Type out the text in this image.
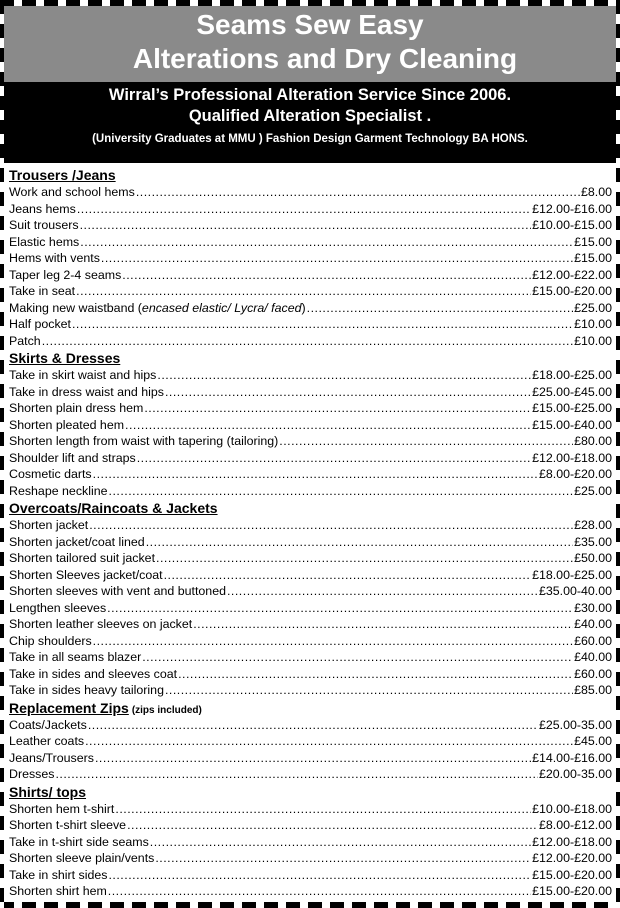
Seams Sew Easy
Alterations and Dry Cleaning
Wirral’s Professional Alteration Service Since 2006.
Qualified Alteration Specialist .
(University Graduates at MMU ) Fashion Design Garment Technology BA HONS.
Trousers /Jeans
Work and school hems .....	£8.00
Jeans hems .....	£12.00-£16.00
Suit trousers .....	£10.00-£15.00
Elastic hems .....	£15.00
Hems with vents .....	£15.00
Taper leg 2-4 seams .....	£12.00-£22.00
Take in seat .....	£15.00-£20.00
Making new waistband (encased elastic/ Lycra/ faced) .....	£25.00
Half pocket .....	£10.00
Patch .....	£10.00
Skirts & Dresses
Take in skirt waist and hips .....	£18.00-£25.00
Take in dress waist and hips .....	£25.00-£45.00
Shorten plain dress hem .....	£15.00-£25.00
Shorten pleated hem .....	£15.00-£40.00
Shorten length from waist with tapering (tailoring) .....	£80.00
Shoulder lift and straps .....	£12.00-£18.00
Cosmetic darts .....	£8.00-£20.00
Reshape neckline .....	£25.00
Overcoats/Raincoats & Jackets
Shorten jacket .....	£28.00
Shorten jacket/coat lined .....	£35.00
Shorten tailored suit jacket .....	£50.00
Shorten Sleeves jacket/coat .....	£18.00-£25.00
Shorten sleeves with vent and buttoned .....	£35.00-40.00
Lengthen sleeves .....	£30.00
Shorten leather sleeves on jacket .....	£40.00
Chip shoulders .....	£60.00
Take in all seams blazer .....	£40.00
Take in sides and sleeves coat .....	£60.00
Take in sides heavy tailoring .....	£85.00
Replacement Zips (zips included)
Coats/Jackets .....	£25.00-35.00
Leather coats .....	£45.00
Jeans/Trousers .....	£14.00-£16.00
Dresses .....	£20.00-35.00
Shirts/ tops
Shorten hem t-shirt .....	£10.00-£18.00
Shorten t-shirt sleeve .....	£8.00-£12.00
Take in t-shirt side seams .....	£12.00-£18.00
Shorten sleeve plain/vents .....	£12.00-£20.00
Take in shirt sides .....	£15.00-£20.00
Shorten shirt hem .....	£15.00-£20.00
